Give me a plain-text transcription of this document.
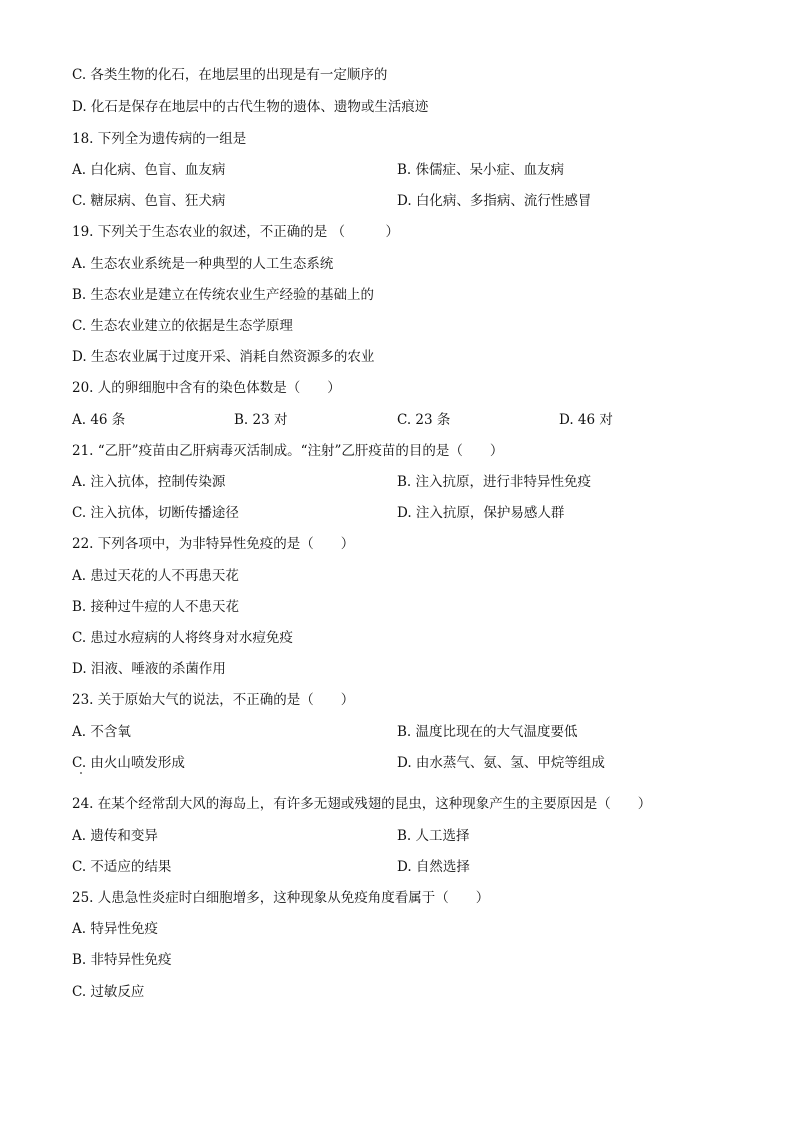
C. 各类生物的化石，在地层里的出现是有一定顺序的
D. 化石是保存在地层中的古代生物的遗体、遗物或生活痕迹
18. 下列全为遗传病的一组是
A. 白化病、色盲、血友病	B. 侏儒症、呆小症、血友病
C. 糖尿病、色盲、狂犬病	D. 白化病、多指病、流行性感冒
19. 下列关于生态农业的叙述，不正确的是 （　　　）
A. 生态农业系统是一种典型的人工生态系统
B. 生态农业是建立在传统农业生产经验的基础上的
C. 生态农业建立的依据是生态学原理
D. 生态农业属于过度开采、消耗自然资源多的农业
20. 人的卵细胞中含有的染色体数是（　　）
A. 46 条	B. 23 对	C. 23 条	D. 46 对
21. “乙肝”疫苗由乙肝病毒灭活制成。“注射”乙肝疫苗的目的是（　　）
A. 注入抗体，控制传染源	B. 注入抗原，进行非特异性免疫
C. 注入抗体，切断传播途径	D. 注入抗原，保护易感人群
22. 下列各项中，为非特异性免疫的是（　　）
A. 患过天花的人不再患天花
B. 接种过牛痘的人不患天花
C. 患过水痘病的人将终身对水痘免疫
D. 泪液、唾液的杀菌作用
23. 关于原始大气的说法，不正确的是（　　）
A. 不含氧	B. 温度比现在的大气温度要低
C. 由火山喷发形成	D. 由水蒸气、氨、氢、甲烷等组成
24. 在某个经常刮大风的海岛上，有许多无翅或残翅的昆虫，这种现象产生的主要原因是（　　）
A. 遗传和变异	B. 人工选择
C. 不适应的结果	D. 自然选择
25. 人患急性炎症时白细胞增多，这种现象从免疫角度看属于（　　）
A. 特异性免疫
B. 非特异性免疫
C. 过敏反应
